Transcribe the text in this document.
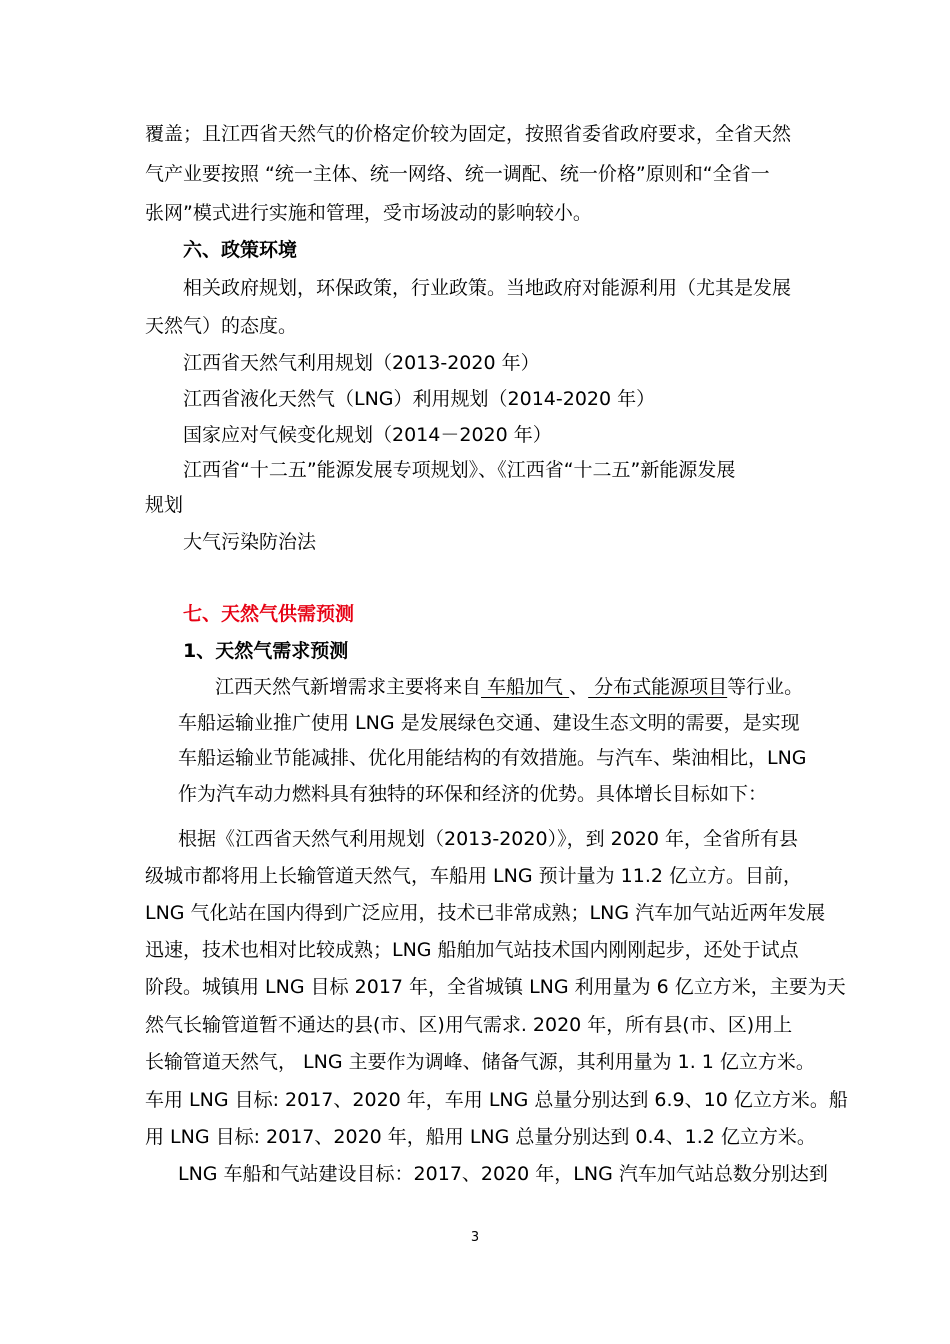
覆盖；且江西省天然气的价格定价较为固定，按照省委省政府要求，全省天然
气产业要按照 “统一主体、统一网络、统一调配、统一价格”原则和“全省一
张网”模式进行实施和管理，受市场波动的影响较小。
六、政策环境
相关政府规划，环保政策，行业政策。当地政府对能源利用（尤其是发展
天然气）的态度。
江西省天然气利用规划（2013-2020 年）
江西省液化天然气（LNG）利用规划（2014-2020 年）
国家应对气候变化规划（2014－2020 年）
江西省“十二五”能源发展专项规划》、《江西省“十二五”新能源发展
规划
大气污染防治法
七、天然气供需预测
1、天然气需求预测
江西天然气新增需求主要将来自 车船加气 、 分布式能源项目等行业。
车船运输业推广使用 LNG 是发展绿色交通、建设生态文明的需要，是实现
车船运输业节能减排、优化用能结构的有效措施。与汽车、柴油相比，LNG
作为汽车动力燃料具有独特的环保和经济的优势。具体增长目标如下：
根据《江西省天然气利用规划（2013-2020）》，到 2020 年，全省所有县
级城市都将用上长输管道天然气，车船用 LNG 预计量为 11.2 亿立方。目前，
LNG 气化站在国内得到广泛应用，技术已非常成熟；LNG 汽车加气站近两年发展
迅速，技术也相对比较成熟；LNG 船舶加气站技术国内刚刚起步，还处于试点
阶段。城镇用 LNG 目标 2017 年，全省城镇 LNG 利用量为 6 亿立方米，主要为天
然气长输管道暂不通达的县(市、区)用气需求. 2020 年，所有县(市、区)用上
长输管道天然气， LNG 主要作为调峰、储备气源，其利用量为 1. 1 亿立方米。
车用 LNG 目标: 2017、2020 年，车用 LNG 总量分别达到 6.9、10 亿立方米。船
用 LNG 目标: 2017、2020 年，船用 LNG 总量分别达到 0.4、1.2 亿立方米。
LNG 车船和气站建设目标：2017、2020 年，LNG 汽车加气站总数分别达到
3
